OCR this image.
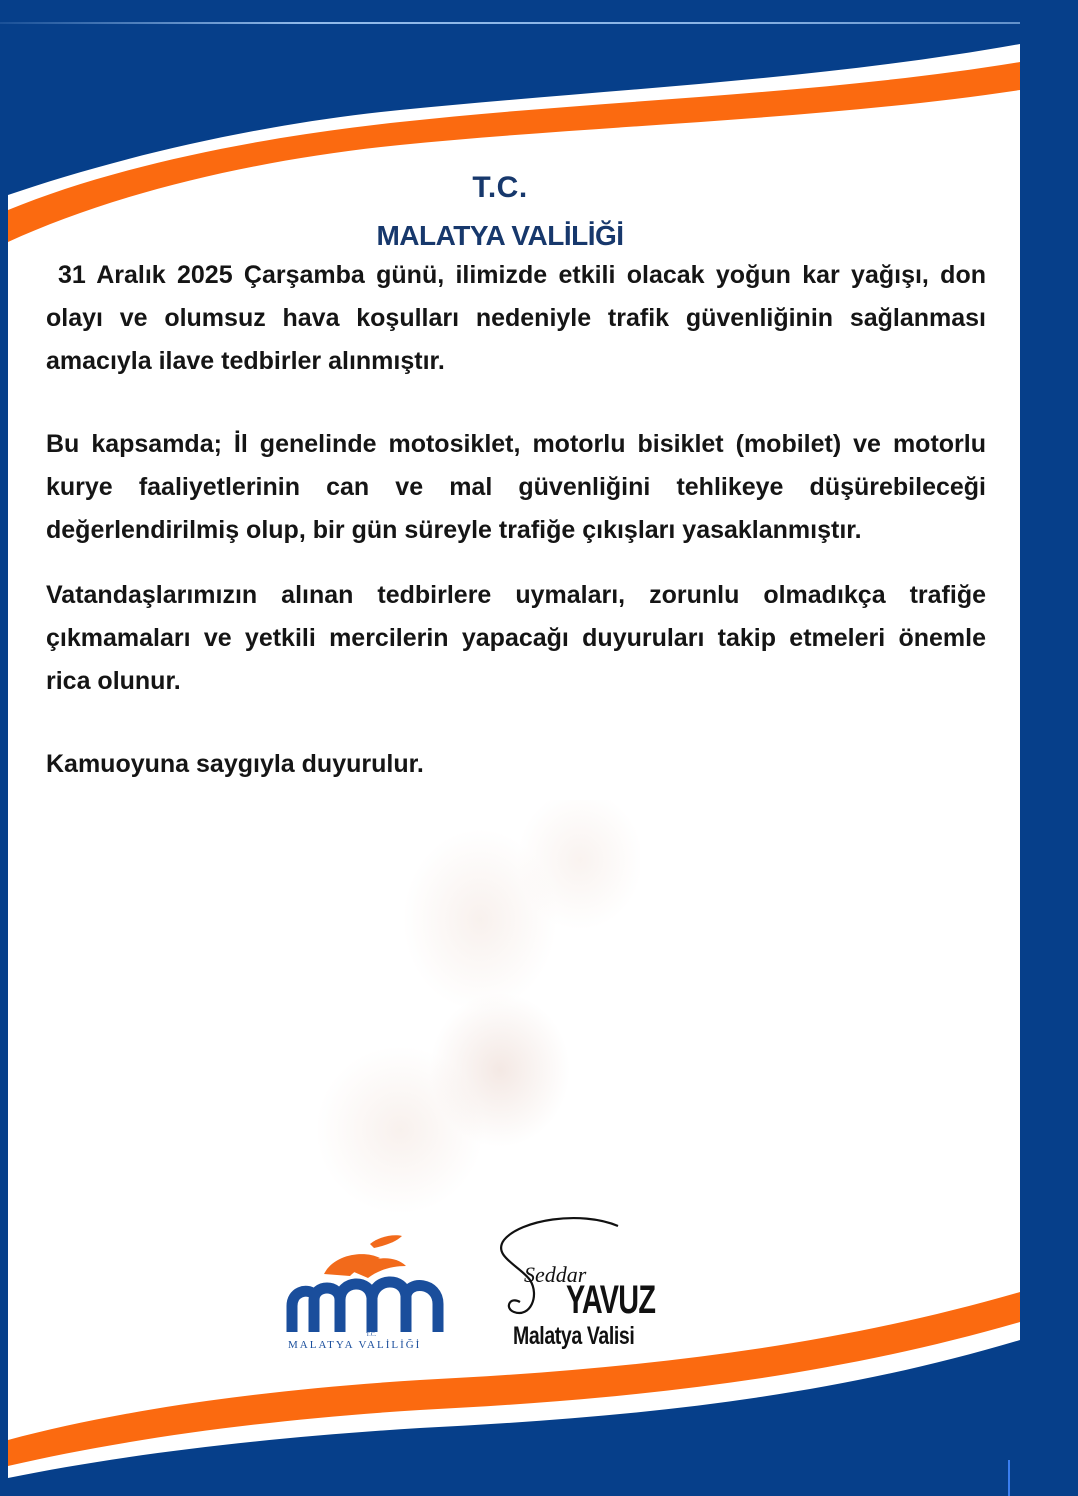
T.C.
MALATYA VALİLİĞİ

31 Aralık 2025 Çarşamba günü, ilimizde etkili olacak yoğun kar yağışı, don olayı ve olumsuz hava koşulları nedeniyle trafik güvenliğinin sağlanması amacıyla ilave tedbirler alınmıştır.

Bu kapsamda; İl genelinde motosiklet, motorlu bisiklet (mobilet) ve motorlu kurye faaliyetlerinin can ve mal güvenliğini tehlikeye düşürebileceği değerlendirilmiş olup, bir gün süreyle trafiğe çıkışları yasaklanmıştır.

Vatandaşlarımızın alınan tedbirlere uymaları, zorunlu olmadıkça trafiğe çıkmamaları ve yetkili mercilerin yapacağı duyuruları takip etmeleri önemle rica olunur.

Kamuoyuna saygıyla duyurulur.

T.C.
MALATYA VALİLİĞİ
Seddar
YAVUZ
Malatya Valisi
